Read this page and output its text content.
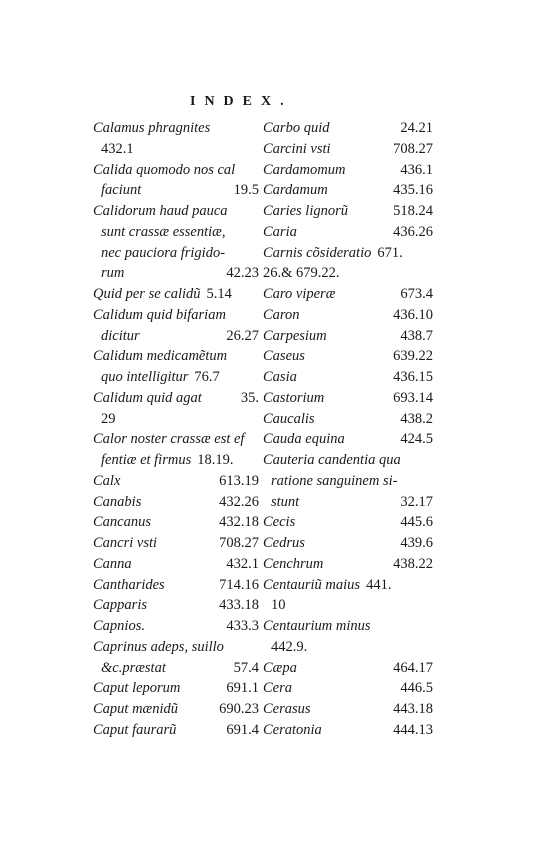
INDEX.
Calamus phragnites
432.1
Calida quomodo nos cal
faciunt	19.5
Calidorum haud pauca
sunt crassæ essentiæ,
nec pauciora frigido-
rum	42.23
Quid per se calidũ 5.14
Calidum quid bifariam
dicitur	26.27
Calidum medicamẽtum
quo intelligitur 76.7
Calidum quid agat	35.
29
Calor noster crassæ est ef
fentiæ et firmus 18.19.
Calx	613.19
Canabis	432.26
Cancanus	432.18
Cancri vsti	708.27
Canna	432.1
Cantharides	714.16
Capparis	433.18
Capnios.	433.3
Caprinus adeps, suillo
&c.præstat	57.4
Caput leporum	691.1
Caput mænidũ	690.23
Caput faurarũ	691.4
Carbo quid	24.21
Carcini vsti	708.27
Cardamomum	436.1
Cardamum	435.16
Caries lignorũ	518.24
Caria	436.26
Carnis cõsideratio 671.
26.& 679.22.
Caro viperæ	673.4
Caron	436.10
Carpesium	438.7
Caseus	639.22
Casia	436.15
Castorium	693.14
Caucalis	438.2
Cauda equina	424.5
Cauteria candentia qua
ratione sanguinem si-
stunt	32.17
Cecis	445.6
Cedrus	439.6
Cenchrum	438.22
Centauriũ maius 441.
10
Centaurium minus
442.9.
Cæpa	464.17
Cera	446.5
Cerasus	443.18
Ceratonia	444.13
